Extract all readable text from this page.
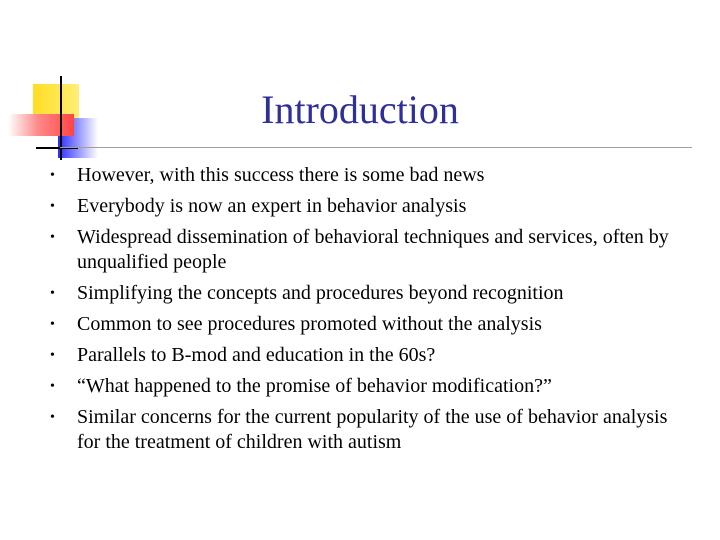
Introduction
• However, with this success there is some bad news
• Everybody is now an expert in behavior analysis
• Widespread dissemination of behavioral techniques and services, often by unqualified people
• Simplifying the concepts and procedures beyond recognition
• Common to see procedures promoted without the analysis
• Parallels to B-mod and education in the 60s?
• “What happened to the promise of behavior modification?”
• Similar concerns for the current popularity of the use of behavior analysis for the treatment of children with autism
